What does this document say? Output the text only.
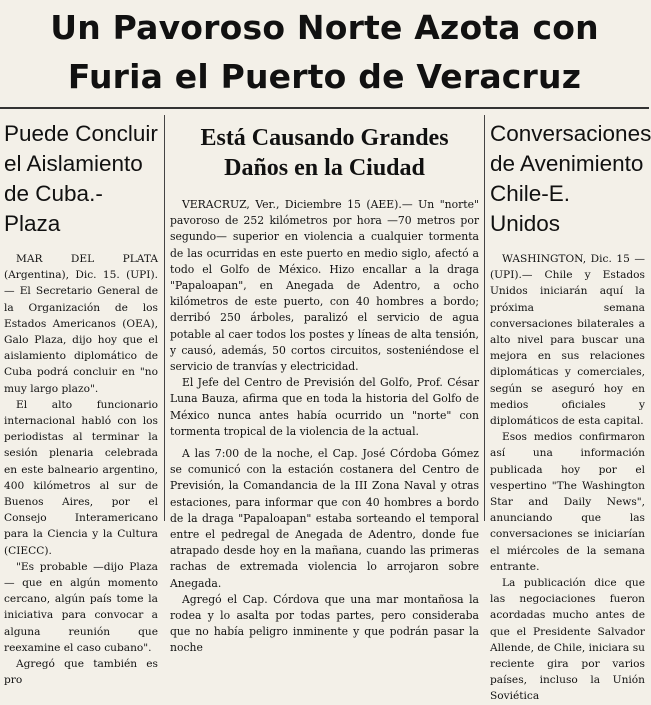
Un Pavoroso Norte Azota con
Furia el Puerto de Veracruz
Puede Concluir
el Aislamiento
de Cuba.-Plaza

MAR DEL PLATA (Argentina), Dic. 15. (UPI).— El Secretario General de la Organización de los Estados Americanos (OEA), Galo Plaza, dijo hoy que el aislamiento diplomático de Cuba podrá concluir en "no muy largo plazo".

El alto funcionario internacional habló con los periodistas al terminar la sesión plenaria celebrada en este balneario argentino, 400 kilómetros al sur de Buenos Aires, por el Consejo Interamericano para la Ciencia y la Cultura (CIECC).

"Es probable —dijo Plaza— que en algún momento cercano, algún país tome la iniciativa para convocar a alguna reunión que reexamine el caso cubano".

Agregó que también es pro

Está Causando Grandes
Daños en la Ciudad

VERACRUZ, Ver., Diciembre 15 (AEE).— Un "norte" pavoroso de 252 kilómetros por hora —70 metros por segundo— superior en violencia a cualquier tormenta de las ocurridas en este puerto en medio siglo, afectó a todo el Golfo de México. Hizo encallar a la draga "Papaloapan", en Anegada de Adentro, a ocho kilómetros de este puerto, con 40 hombres a bordo; derribó 250 árboles, paralizó el servicio de agua potable al caer todos los postes y líneas de alta tensión, y causó, además, 50 cortos circuitos, sosteniéndose el servicio de tranvías y electricidad.

El Jefe del Centro de Previsión del Golfo, Prof. César Luna Bauza, afirma que en toda la historia del Golfo de México nunca antes había ocurrido un "norte" con tormenta tropical de la violencia de la actual.

A las 7:00 de la noche, el Cap. José Córdoba Gómez se comunicó con la estación costanera del Centro de Previsión, la Comandancia de la III Zona Naval y otras estaciones, para informar que con 40 hombres a bordo de la draga "Papaloapan" estaba sorteando el temporal entre el pedregal de Anegada de Adentro, donde fue atrapado desde hoy en la mañana, cuando las primeras rachas de extremada violencia lo arrojaron sobre Anegada.

Agregó el Cap. Córdova que una mar montañosa la rodea y lo asalta por todas partes, pero consideraba que no había peligro inminente y que podrán pasar la noche

Conversaciones
de Avenimiento
Chile-E. Unidos

WASHINGTON, Dic. 15 — (UPI).— Chile y Estados Unidos iniciarán aquí la próxima semana conversaciones bilaterales a alto nivel para buscar una mejora en sus relaciones diplomáticas y comerciales, según se aseguró hoy en medios oficiales y diplomáticos de esta capital.

Esos medios confirmaron así una información publicada hoy por el vespertino "The Washington Star and Daily News", anunciando que las conversaciones se iniciarían el miércoles de la semana entrante.

La publicación dice que las negociaciones fueron acordadas mucho antes de que el Presidente Salvador Allende, de Chile, iniciara su reciente gira por varios países, incluso la Unión Soviética
